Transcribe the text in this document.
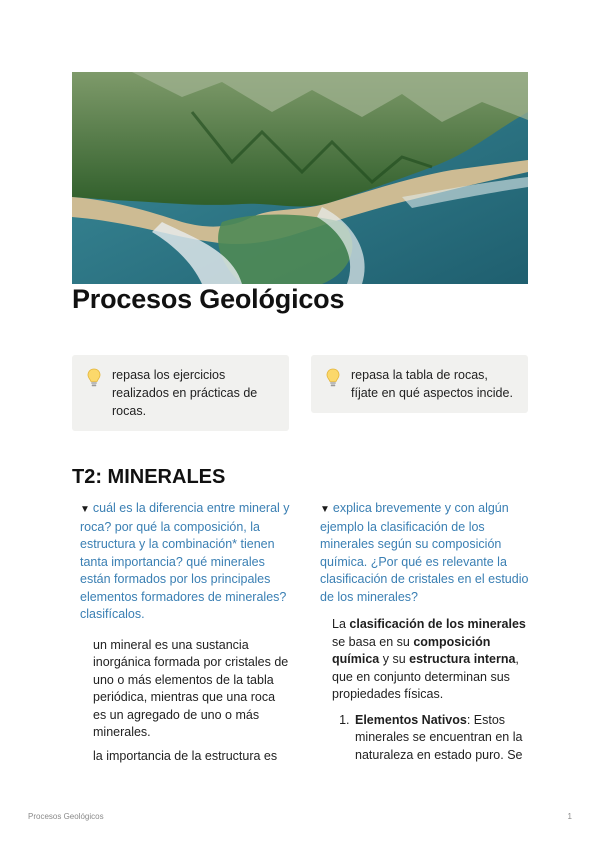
Procesos Geológicos
repasa los ejercicios realizados en prácticas de rocas.
repasa la tabla de rocas, fíjate en qué aspectos incide.
T2: MINERALES
▼ cuál es la diferencia entre mineral y roca? por qué la composición, la estructura y la combinación* tienen tanta importancia? qué minerales están formados por los principales elementos formadores de minerales? clasifícalos.

un mineral es una sustancia inorgánica formada por cristales de uno o más elementos de la tabla periódica, mientras que una roca es un agregado de uno o más minerales.

la importancia de la estructura es

▼ explica brevemente y con algún ejemplo la clasificación de los minerales según su composición química. ¿Por qué es relevante la clasificación de cristales en el estudio de los minerales?

La clasificación de los minerales se basa en su composición química y su estructura interna, que en conjunto determinan sus propiedades físicas.

1. Elementos Nativos: Estos minerales se encuentran en la naturaleza en estado puro. Se
Procesos Geológicos	1
